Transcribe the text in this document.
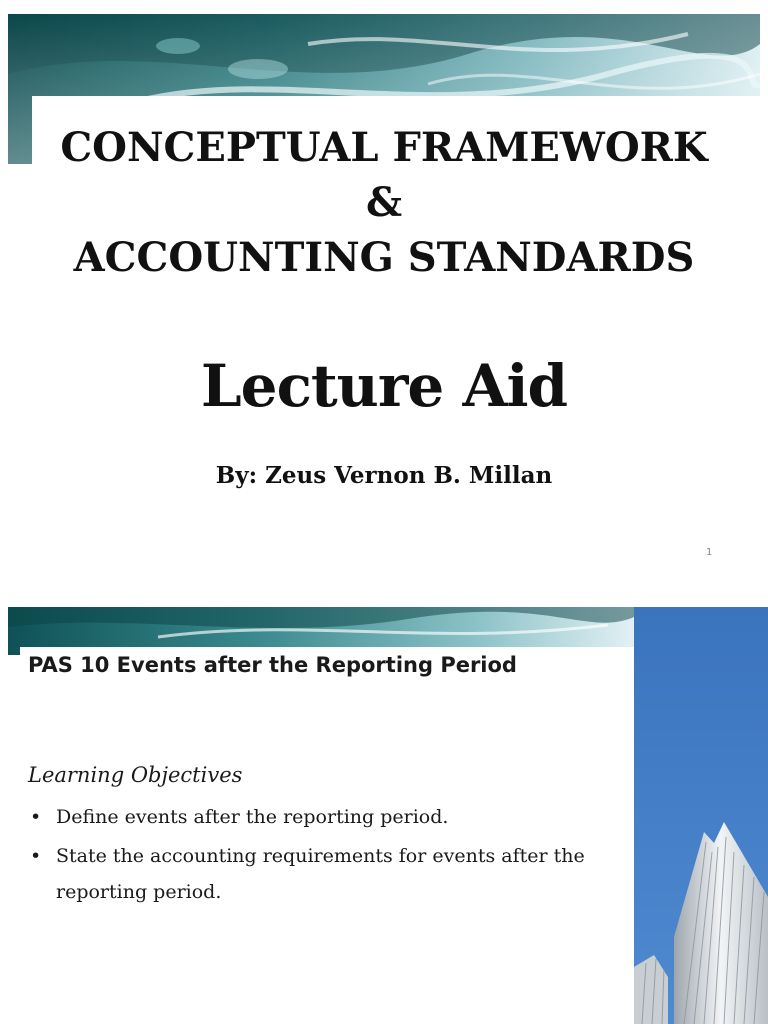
CONCEPTUAL FRAMEWORK
&
ACCOUNTING STANDARDS
Lecture Aid
By: Zeus Vernon B. Millan
1
PAS 10 Events after the Reporting Period
Learning Objectives
• Define events after the reporting period.
• State the accounting requirements for events after the reporting period.
